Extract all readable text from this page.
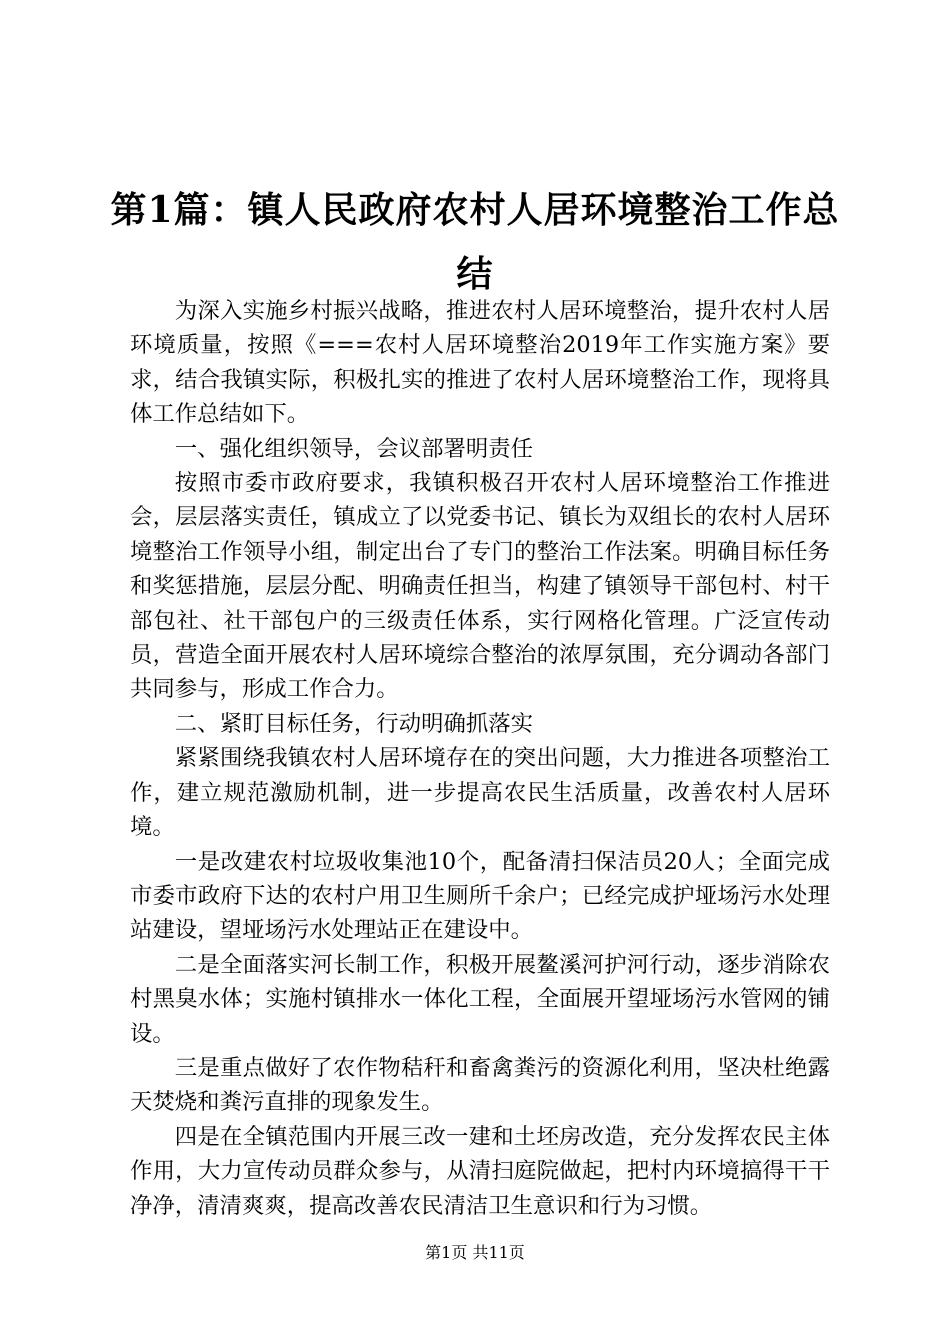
第1篇：镇人民政府农村人居环境整治工作总结

为深入实施乡村振兴战略，推进农村人居环境整治，提升农村人居环境质量，按照《===农村人居环境整治2019年工作实施方案》要求，结合我镇实际，积极扎实的推进了农村人居环境整治工作，现将具体工作总结如下。

一、强化组织领导，会议部署明责任

按照市委市政府要求，我镇积极召开农村人居环境整治工作推进会，层层落实责任，镇成立了以党委书记、镇长为双组长的农村人居环境整治工作领导小组，制定出台了专门的整治工作法案。明确目标任务和奖惩措施，层层分配、明确责任担当，构建了镇领导干部包村、村干部包社、社干部包户的三级责任体系，实行网格化管理。广泛宣传动员，营造全面开展农村人居环境综合整治的浓厚氛围，充分调动各部门共同参与，形成工作合力。

二、紧盯目标任务，行动明确抓落实

紧紧围绕我镇农村人居环境存在的突出问题，大力推进各项整治工作，建立规范激励机制，进一步提高农民生活质量，改善农村人居环境。

一是改建农村垃圾收集池10个，配备清扫保洁员20人；全面完成市委市政府下达的农村户用卫生厕所千余户；已经完成护垭场污水处理站建设，望垭场污水处理站正在建设中。

二是全面落实河长制工作，积极开展鳌溪河护河行动，逐步消除农村黑臭水体；实施村镇排水一体化工程，全面展开望垭场污水管网的铺设。

三是重点做好了农作物秸秆和畜禽粪污的资源化利用，坚决杜绝露天焚烧和粪污直排的现象发生。

四是在全镇范围内开展三改一建和土坯房改造，充分发挥农民主体作用，大力宣传动员群众参与，从清扫庭院做起，把村内环境搞得干干净净，清清爽爽，提高改善农民清洁卫生意识和行为习惯。

第1页 共11页
